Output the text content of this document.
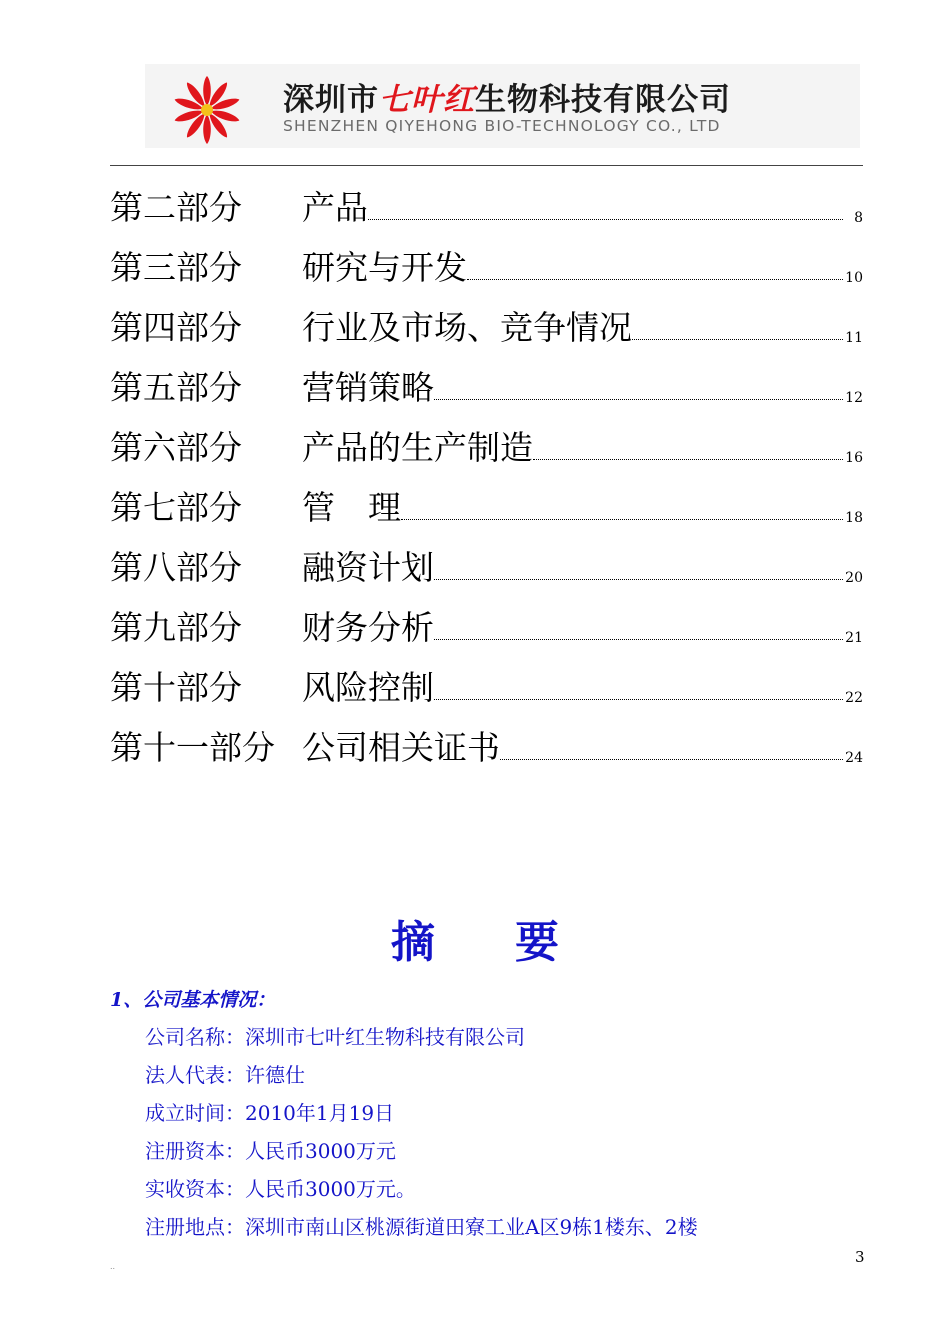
深圳市七叶红生物科技有限公司
SHENZHEN QIYEHONG BIO-TECHNOLOGY CO., LTD
第二部分	产品	8
第三部分	研究与开发	10
第四部分	行业及市场、竞争情况	11
第五部分	营销策略	12
第六部分	产品的生产制造	16
第七部分	管　理	18
第八部分	融资计划	20
第九部分	财务分析	21
第十部分	风险控制	22
第十一部分 公司相关证书	24
摘要
1、公司基本情况：
公司名称：深圳市七叶红生物科技有限公司
法人代表：许德仕
成立时间：2010年1月19日
注册资本：人民币3000万元
实收资本：人民币3000万元。
注册地点：深圳市南山区桃源街道田寮工业A区9栋1楼东、2楼
..
3
